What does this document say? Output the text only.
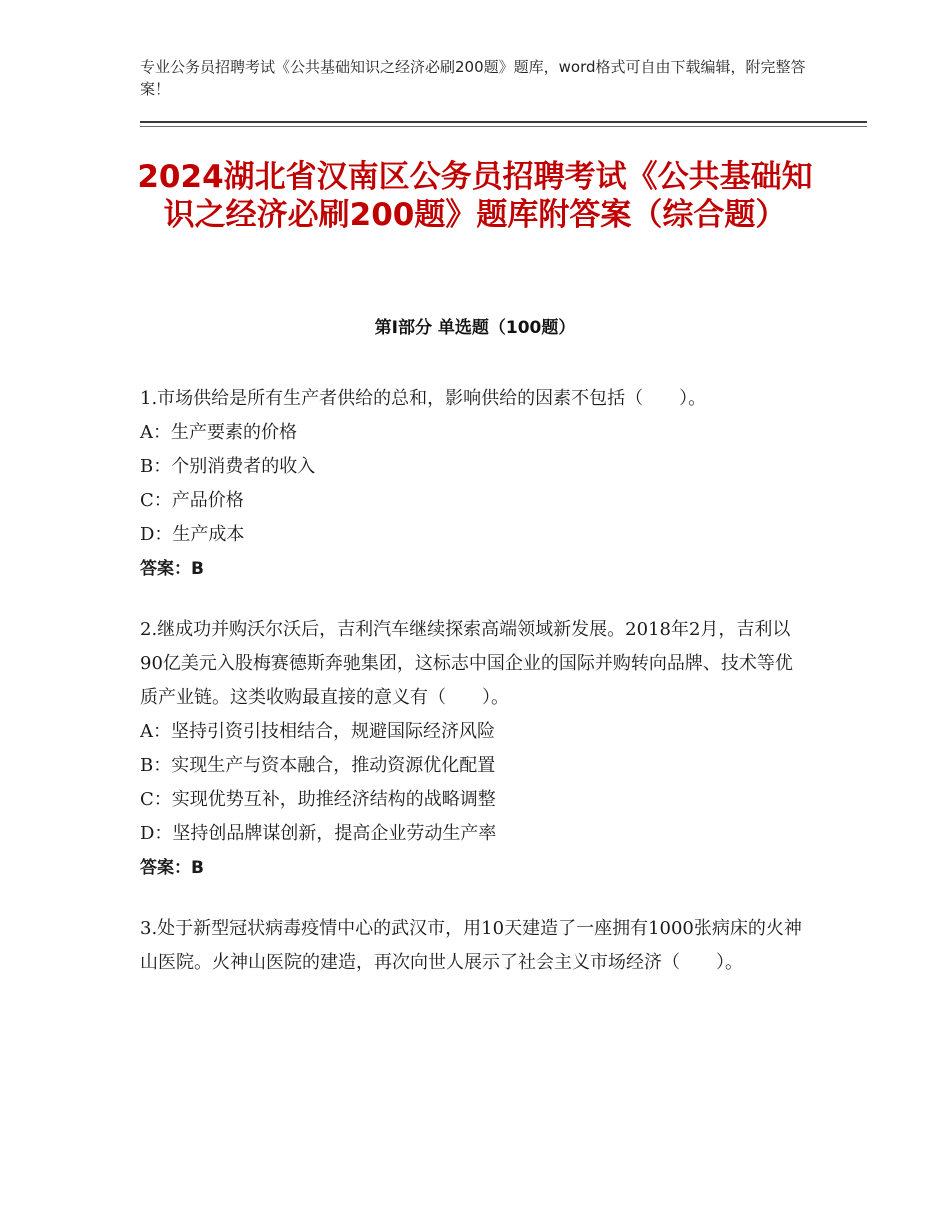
专业公务员招聘考试《公共基础知识之经济必刷200题》题库，word格式可自由下载编辑，附完整答案！
2024湖北省汉南区公务员招聘考试《公共基础知识之经济必刷200题》题库附答案（综合题）
第Ⅰ部分 单选题（100题）

1.市场供给是所有生产者供给的总和，影响供给的因素不包括（　　）。

A：生产要素的价格

B：个别消费者的收入

C：产品价格

D：生产成本

答案：B

2.继成功并购沃尔沃后，吉利汽车继续探索高端领域新发展。2018年2月，吉利以90亿美元入股梅赛德斯奔驰集团，这标志中国企业的国际并购转向品牌、技术等优质产业链。这类收购最直接的意义有（　　）。

A：坚持引资引技相结合，规避国际经济风险

B：实现生产与资本融合，推动资源优化配置

C：实现优势互补，助推经济结构的战略调整

D：坚持创品牌谋创新，提高企业劳动生产率

答案：B

3.处于新型冠状病毒疫情中心的武汉市，用10天建造了一座拥有1000张病床的火神山医院。火神山医院的建造，再次向世人展示了社会主义市场经济（　　）。
